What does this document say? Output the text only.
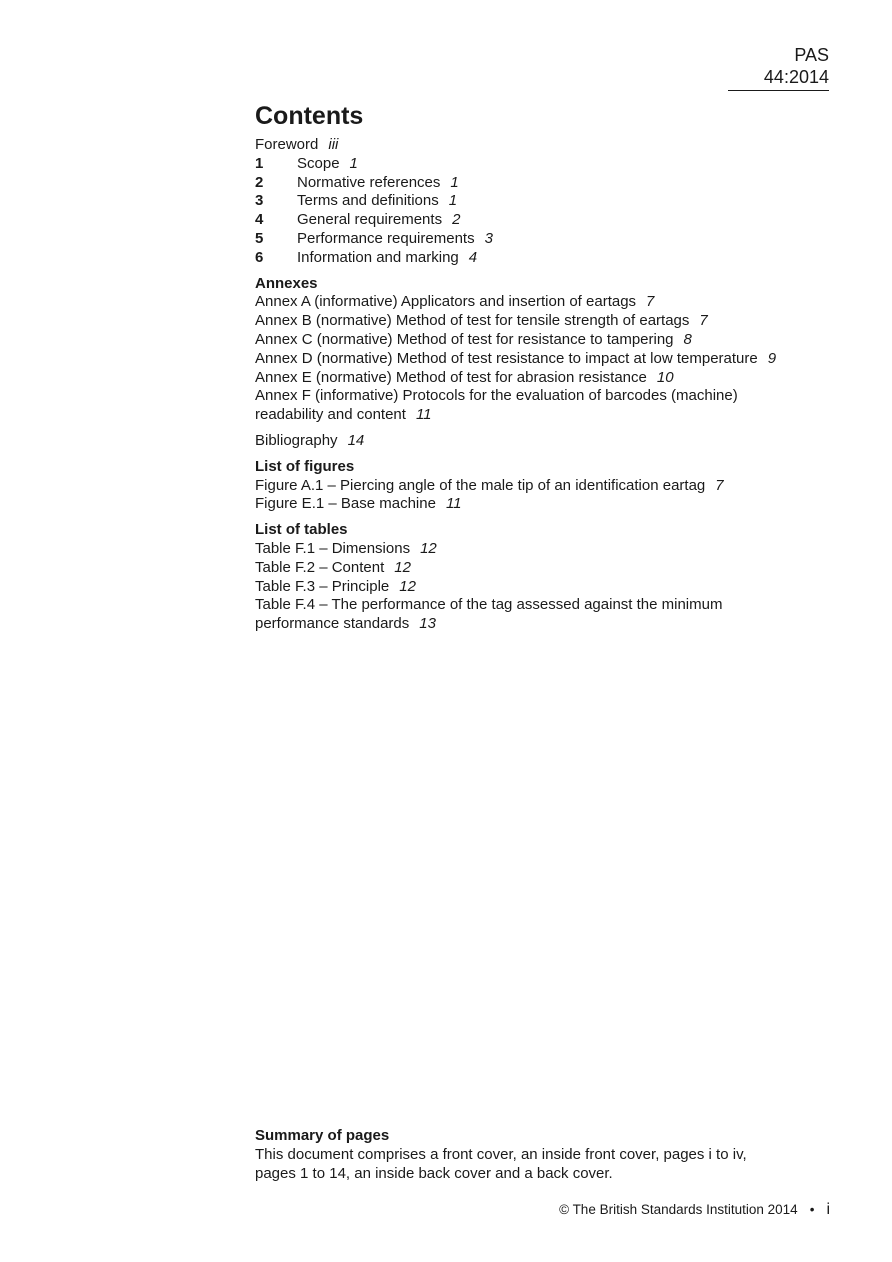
PAS 44:2014
Contents
Foreword iii
1 Scope 1
2 Normative references 1
3 Terms and definitions 1
4 General requirements 2
5 Performance requirements 3
6 Information and marking 4
Annexes
Annex A (informative) Applicators and insertion of eartags 7
Annex B (normative) Method of test for tensile strength of eartags 7
Annex C (normative) Method of test for resistance to tampering 8
Annex D (normative) Method of test resistance to impact at low temperature 9
Annex E (normative) Method of test for abrasion resistance 10
Annex F (informative) Protocols for the evaluation of barcodes (machine)
readability and content 11
Bibliography 14
List of figures
Figure A.1 – Piercing angle of the male tip of an identification eartag 7
Figure E.1 – Base machine 11
List of tables
Table F.1 – Dimensions 12
Table F.2 – Content 12
Table F.3 – Principle 12
Table F.4 – The performance of the tag assessed against the minimum
performance standards 13
Summary of pages
This document comprises a front cover, an inside front cover, pages i to iv,
pages 1 to 14, an inside back cover and a back cover.
© The British Standards Institution 2014 • i
